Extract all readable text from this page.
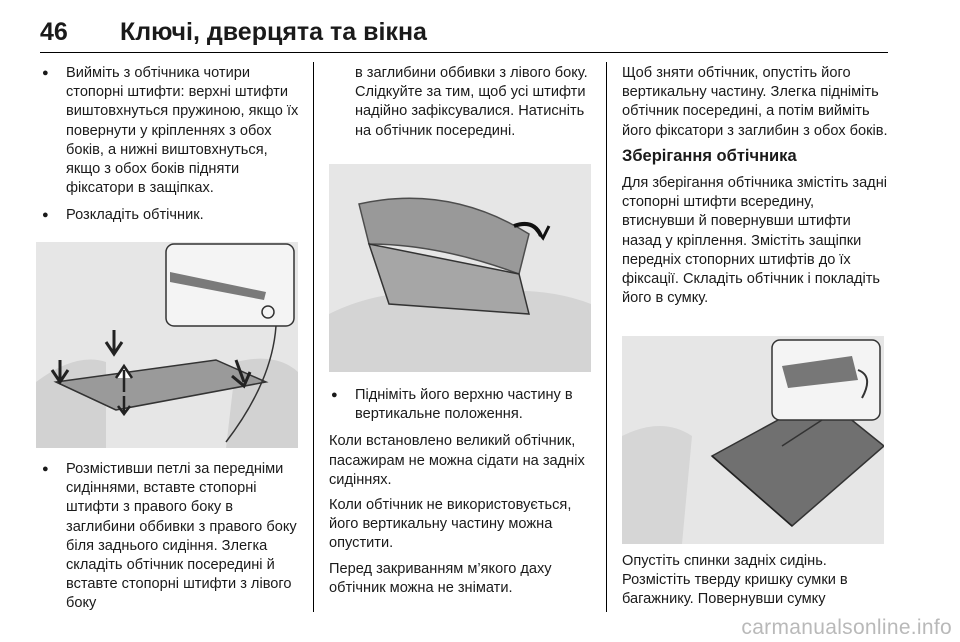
46 Ключі, дверцята та вікна
● Вийміть з обтічника чотири стопорні штифти: верхні штифти виштовхнуться пружиною, якщо їх повернути у кріпленнях з обох боків, а нижні виштовхнуться, якщо з обох боків підняти фіксатори в защіпках.
● Розкладіть обтічник.
● Розмістивши петлі за передніми сидіннями, вставте стопорні штифти з правого боку в заглибини оббивки з правого боку біля заднього сидіння. Злегка складіть обтічник посередині й вставте стопорні штифти з лівого боку

в заглибини оббивки з лівого боку. Слідкуйте за тим, щоб усі штифти надійно зафіксувалися. Натисніть на обтічник посередині.

● Підніміть його верхню частину в вертикальне положення.

Коли встановлено великий обтічник, пасажирам не можна сідати на задніх сидіннях.

Коли обтічник не використовується, його вертикальну частину можна опустити.

Перед закриванням м’якого даху обтічник можна не знімати.

Щоб зняти обтічник, опустіть його вертикальну частину. Злегка підніміть обтічник посередині, а потім вийміть його фіксатори з заглибин з обох боків.

Зберігання обтічника

Для зберігання обтічника змістіть задні стопорні штифти всередину, втиснувши й повернувши штифти назад у кріплення. Змістіть защіпки передніх стопорних штифтів до їх фіксації. Складіть обтічник і покладіть його в сумку.

Опустіть спинки задніх сидінь. Розмістіть тверду кришку сумки в багажнику. Повернувши сумку

carmanualsonline.info
